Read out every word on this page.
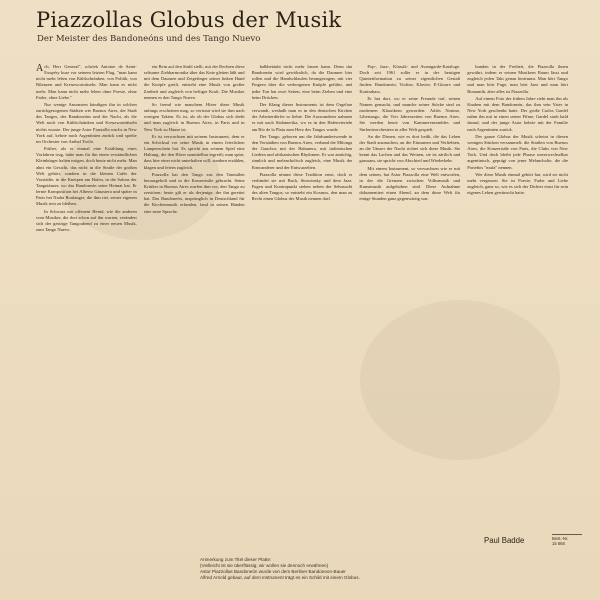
Piazzollas Globus der Musik
Der Meister des Bandoneóns und des Tango Nuevo

Ach, Herr General", schrieb Antoine de Saint-Exupéry kurz vor seinem letzten Flug, "man kann nicht mehr leben von Kühlschränken, von Politik, von Bilanzen und Kreuzworträtseln. Man kann es nicht mehr. Man kann nicht mehr leben ohne Poesie, ohne Farbe, ohne Liebe."

Nur wenige Ansonsten kündigen ihn in solchen zurückgezogenen Städten wie Buenos Aires, der Stadt des Tangos, des Bandoneóns und der Nacht, als die Welt noch von Kühlschränken und Kreuzworträtseln nichts wusste. Der junge Astor Piazzolla wuchs in New York auf, kehrte nach Argentinien zurück und spielte im Orchester von Aníbal Troilo.

Früher, als er einmal eine Erzählung eines Vorfahren trug, hätte man für ihn einen verständlichen Kleinbürger halten mögen, doch heute nicht mehr. Man ahnt ein Gesicht, das nicht in die Straße der großen Welt gehört, sondern in die kleinen Cafés der Vorstädte, in die Kneipen am Hafen, in die Salons der Tangotänzer, wo das Bandoneón seine Heimat hat. Er lernte Komposition bei Alberto Ginastera und später in Paris bei Nadia Boulanger, die ihm riet, seiner eigenen Musik treu zu bleiben.

In Schwarz mit offenem Hemd, wie die anderen vom Musiker, die dort schon auf ihn warten, verändert sich der gestrige Tangoabend zu einer neuen Musik, zum Tango Nuevo.

ein Bein auf den Stuhl stellt, mit der Rechten diese seltsame Ziehharmonika über das Knie gleiten läßt und mit dem Daumen und Zeigefinger seiner linken Hand die Knöpfe greift, entsteht eine Musik von großer Zartheit und zugleich von heftiger Kraft. Die Musiker nennen es den Tango Nuevo.

So fremd wie manchem Hörer diese Musik anfangs erscheinen mag, so vertraut wird sie ihm nach wenigen Takten. Es ist, als ob der Globus sich dreht und man zugleich in Buenos Aires, in Paris und in New York zu Hause ist.

Er ist verwachsen mit seinem Instrument, dem er ein Schicksal vor seine Musik in einem feierlichen Lampenschein hat. Es spricht aus seinem Spiel eine Haltung, die den Hörer unmittelbar ergreift; man spürt, dass hier einer nicht unterhalten will, sondern erzählen, klagen und feiern zugleich.

Piazzolla hat den Tango aus den Tanzsälen herausgeholt und in die Konzertsäle gebracht. Seine Kritiker in Buenos Aires warfen ihm vor, den Tango zu zerstören; heute gilt er als derjenige, der ihn gerettet hat. Das Bandoneón, ursprünglich in Deutschland für die Kirchenmusik erfunden, fand in seinen Händen eine neue Sprache.

halbbetäubt nicht mehr lassen kann. Denn das Bandoneón wird gewöhnlich, da die Daumen hier sollen und die Handschlaufen herangezogen, mit vier Fingern über die verborgenen Knöpfe geführt, und jeder Ton hat zwei Seiten, eine beim Ziehen und eine beim Drücken.

Der Klang dieses Instruments ist dem Orgelton verwandt, weshalb man es in den deutschen Kirchen der Arbeiterdörfer so liebte. Die Auswanderer nahmen es mit nach Südamerika, wo es in den Hafenvierteln am Río de la Plata zum Herz des Tangos wurde.

Der Tango, geboren um die Jahrhundertwende in den Vorstädten von Buenos Aires, verband die Milonga der Gauchos mit der Habanera, mit italienischen Liedern und afrikanischen Rhythmen. Er war anrüchig, sinnlich und melancholisch zugleich, eine Musik der Einwanderer und der Entwurzelten.

Piazzolla nimmt diese Tradition ernst, doch er verbindet sie mit Bach, Strawinsky und dem Jazz. Fugen und Kontrapunkt stehen neben der Sehnsucht des alten Tangos; so entsteht ein Kosmos, den man zu Recht einen Globus der Musik nennen darf.

Pop-, Jazz-, Klassik- und Avantgarde-Kataloge. Doch seit 1961 sollte er in der heutigen Quintettformation zu seiner eigentlichen Gestalt finden: Bandoneón, Violine, Klavier, E-Gitarre und Kontrabass.

Er hat dort, wo er seine Freunde traf, seinen Namen gemacht, und manche seiner Stücke sind zu modernen Klassikern geworden: Adiós Nonino, Libertango, die Vier Jahreszeiten von Buenos Aires. Sie werden heute von Kammerensembles und Sinfonieorchestern in aller Welt gespielt.

An die Dirnen, wie es dort heißt, die das Leben der Stadt ausmachen, an die Einsamen und Verliebten, an die Tänzer der Nacht richtet sich diese Musik. Sie kennt das Lachen und das Weinen, sie ist zärtlich und grausam, sie spricht von Abschied und Wiederkehr.

Mit einem Instrument, so verwachsen wie er mit dem seinen, hat Astor Piazzolla eine Welt entworfen, in der die Grenzen zwischen Volksmusik und Kunstmusik aufgehoben sind. Diese Aufnahme dokumentiert einen Abend, an dem diese Welt für einige Stunden ganz gegenwärtig war.

bunden in der Freiheit, die Piazzolla ihnen gewährt, indem er seinen Musikern Raum lässt und zugleich jeden Takt genau bestimmt. Man hört Tango und man hört Fuge, man hört Jazz und man hört Romantik, aber alles ist Piazzolla.

Auf einem Foto der frühen Jahre sieht man ihn als Knaben mit dem Bandoneón, das ihm sein Vater in New York geschenkt hatte. Der große Carlos Gardel nahm ihn mit in einen seiner Filme; Gardel starb bald darauf, und der junge Astor kehrte mit der Familie nach Argentinien zurück.

Der ganze Globus der Musik scheint in diesen wenigen Stücken versammelt: die Straßen von Buenos Aires, die Konzertsäle von Paris, die Clubs von New York. Und doch bleibt jede Phrase unverwechselbar argentinisch, geprägt von jener Melancholie, die die Porteños "mufa" nennen.

Wer diese Musik einmal gehört hat, wird sie nicht mehr vergessen. Sie ist Poesie, Farbe und Liebe zugleich, ganz so, wie es sich der Dichter einst für sein eigenes Leben gewünscht hatte.

Paul Badde	Best.-Nr.
15 668
Anmerkung zum Titel dieser Platte:
(Vielleicht ist sie überflüssig; wir wollen sie dennoch erwähnen)
Astor Piazzollas Bandoneón wurde von dem Berliner Bandoneon-Bauer
Alfred Arnold gebaut, auf dem Instrument trägt es ein Schild mit einem Globus.
